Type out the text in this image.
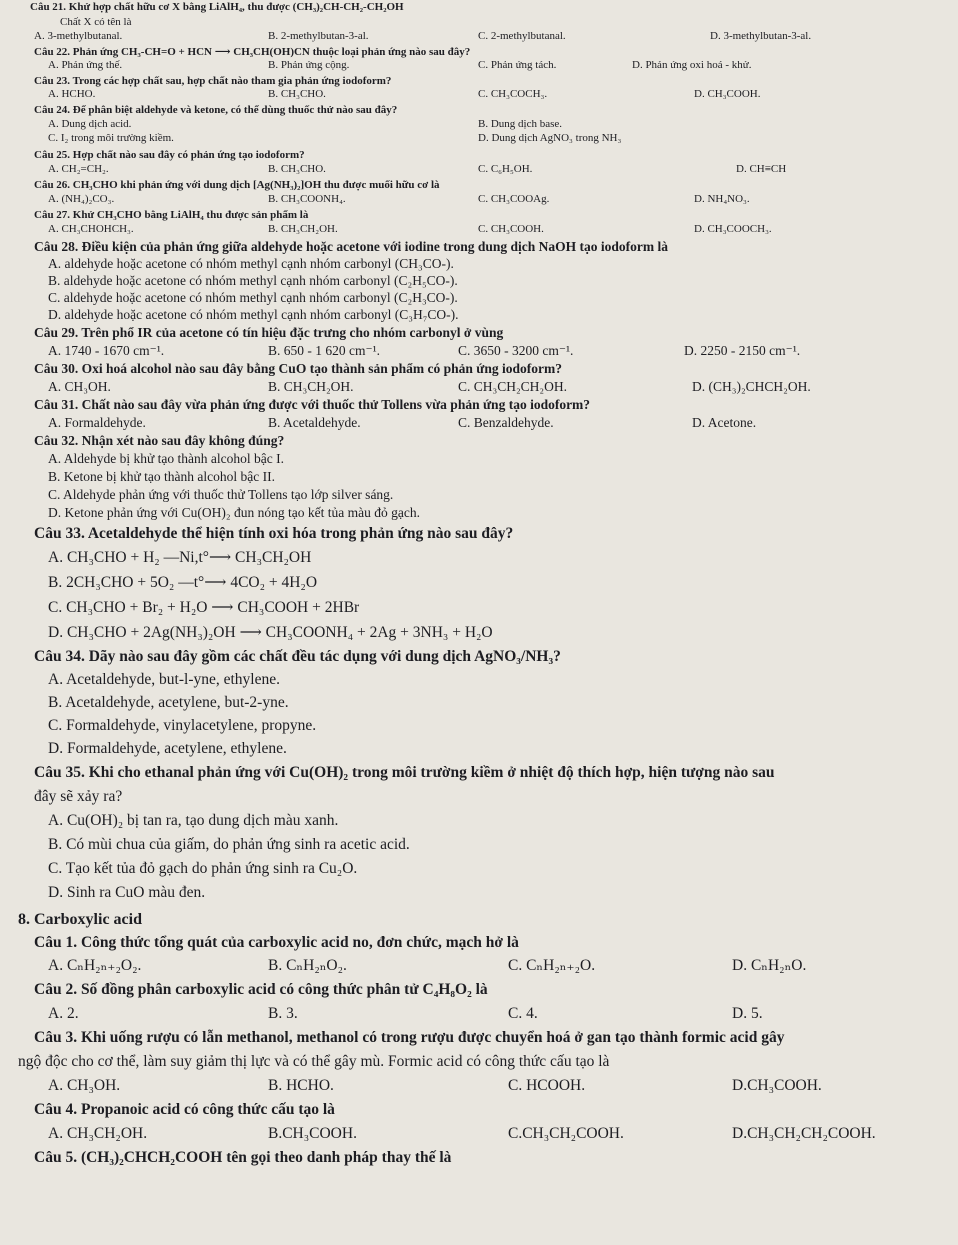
Câu 21. Khử hợp chất hữu cơ X bằng LiAlH₄, thu được (CH₃)₂CH-CH₂-CH₂OH
Chất X có tên là
A. 3-methylbutanal.	B. 2-methylbutan-3-al.	C. 2-methylbutanal.	D. 3-methylbutan-3-al.
Câu 22. Phản ứng CH₃-CH=O + HCN ⟶ CH₃CH(OH)CN thuộc loại phản ứng nào sau đây?
A. Phản ứng thế.	B. Phản ứng cộng.	C. Phản ứng tách.	D. Phản ứng oxi hoá - khử.
Câu 23. Trong các hợp chất sau, hợp chất nào tham gia phản ứng iodoform?
A. HCHO.	B. CH₃CHO.	C. CH₃COCH₃.	D. CH₃COOH.
Câu 24. Để phân biệt aldehyde và ketone, có thể dùng thuốc thử nào sau đây?
A. Dung dịch acid.	B. Dung dịch base.
C. I₂ trong môi trường kiềm.	D. Dung dịch AgNO₃ trong NH₃
Câu 25. Hợp chất nào sau đây có phản ứng tạo iodoform?
A. CH₂=CH₂.	B. CH₃CHO.	C. C₆H₅OH.	D. CH≡CH
Câu 26. CH₃CHO khi phản ứng với dung dịch [Ag(NH₃)₂]OH thu được muối hữu cơ là
A. (NH₄)₂CO₃.	B. CH₃COONH₄.	C. CH₃COOAg.	D. NH₄NO₃.
Câu 27. Khử CH₃CHO bằng LiAlH₄ thu được sản phẩm là
A. CH₃CHOHCH₃.	B. CH₃CH₂OH.	C. CH₃COOH.	D. CH₃COOCH₃.
Câu 28. Điều kiện của phản ứng giữa aldehyde hoặc acetone với iodine trong dung dịch NaOH tạo iodoform là
A. aldehyde hoặc acetone có nhóm methyl cạnh nhóm carbonyl (CH₃CO-).
B. aldehyde hoặc acetone có nhóm methyl cạnh nhóm carbonyl (C₂H₅CO-).
C. aldehyde hoặc acetone có nhóm methyl cạnh nhóm carbonyl (C₂H₃CO-).
D. aldehyde hoặc acetone có nhóm methyl cạnh nhóm carbonyl (C₃H₇CO-).
Câu 29. Trên phổ IR của acetone có tín hiệu đặc trưng cho nhóm carbonyl ở vùng
A. 1740 - 1670 cm⁻¹.	B. 650 - 1 620 cm⁻¹.	C. 3650 - 3200 cm⁻¹.	D. 2250 - 2150 cm⁻¹.
Câu 30. Oxi hoá alcohol nào sau đây bằng CuO tạo thành sản phẩm có phản ứng iodoform?
A. CH₃OH.	B. CH₃CH₂OH.	C. CH₃CH₂CH₂OH.	D. (CH₃)₂CHCH₂OH.
Câu 31. Chất nào sau đây vừa phản ứng được với thuốc thử Tollens vừa phản ứng tạo iodoform?
A. Formaldehyde.	B. Acetaldehyde.	C. Benzaldehyde.	D. Acetone.
Câu 32. Nhận xét nào sau đây không đúng?
A. Aldehyde bị khử tạo thành alcohol bậc I.
B. Ketone bị khử tạo thành alcohol bậc II.
C. Aldehyde phản ứng với thuốc thử Tollens tạo lớp silver sáng.
D. Ketone phản ứng với Cu(OH)₂ đun nóng tạo kết tủa màu đỏ gạch.
Câu 33. Acetaldehyde thể hiện tính oxi hóa trong phản ứng nào sau đây?
A. CH₃CHO + H₂ —Ni,t°⟶ CH₃CH₂OH
B. 2CH₃CHO + 5O₂ —t°⟶ 4CO₂ + 4H₂O
C. CH₃CHO + Br₂ + H₂O ⟶ CH₃COOH + 2HBr
D. CH₃CHO + 2Ag(NH₃)₂OH ⟶ CH₃COONH₄ + 2Ag + 3NH₃ + H₂O
Câu 34. Dãy nào sau đây gồm các chất đều tác dụng với dung dịch AgNO₃/NH₃?
A. Acetaldehyde, but-l-yne, ethylene.
B. Acetaldehyde, acetylene, but-2-yne.
C. Formaldehyde, vinylacetylene, propyne.
D. Formaldehyde, acetylene, ethylene.
Câu 35. Khi cho ethanal phản ứng với Cu(OH)₂ trong môi trường kiềm ở nhiệt độ thích hợp, hiện tượng nào sau
đây sẽ xảy ra?
A. Cu(OH)₂ bị tan ra, tạo dung dịch màu xanh.
B. Có mùi chua của giấm, do phản ứng sinh ra acetic acid.
C. Tạo kết tủa đỏ gạch do phản ứng sinh ra Cu₂O.
D. Sinh ra CuO màu đen.
8. Carboxylic acid
Câu 1. Công thức tổng quát của carboxylic acid no, đơn chức, mạch hở là
A. CₙH₂ₙ₊₂O₂.	B. CₙH₂ₙO₂.	C. CₙH₂ₙ₊₂O.	D. CₙH₂ₙO.
Câu 2. Số đồng phân carboxylic acid có công thức phân tử C₄H₈O₂ là
A. 2.	B. 3.	C. 4.	D. 5.
Câu 3. Khi uống rượu có lẫn methanol, methanol có trong rượu được chuyển hoá ở gan tạo thành formic acid gây
ngộ độc cho cơ thể, làm suy giảm thị lực và có thể gây mù. Formic acid có công thức cấu tạo là
A. CH₃OH.	B. HCHO.	C. HCOOH.	D.CH₃COOH.
Câu 4. Propanoic acid có công thức cấu tạo là
A. CH₃CH₂OH.	B.CH₃COOH.	C.CH₃CH₂COOH.	D.CH₃CH₂CH₂COOH.
Câu 5. (CH₃)₂CHCH₂COOH tên gọi theo danh pháp thay thế là
